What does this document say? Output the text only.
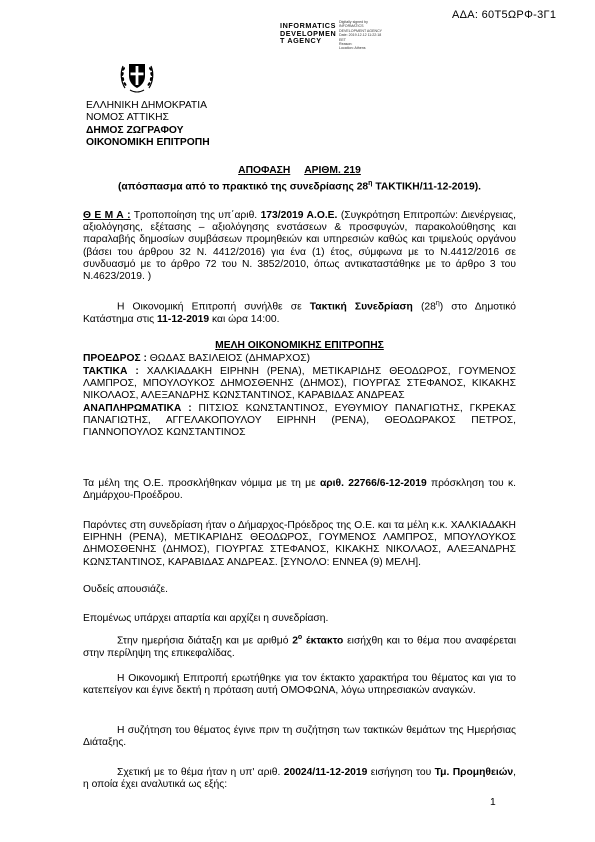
ΑΔΑ: 60Τ5ΩΡΦ-3Γ1
INFORMATICS
DEVELOPMEN
T AGENCY
Digitally signed by
INFORMATICS
DEVELOPMENT AGENCY
Date: 2019.12.12 11:22:18
EET
Reason:
Location: Athens
ΕΛΛΗΝΙΚΗ ΔΗΜΟΚΡΑΤΙΑ
ΝΟΜΟΣ ΑΤΤΙΚΗΣ
ΔΗΜΟΣ ΖΩΓΡΑΦΟΥ
ΟΙΚΟΝΟΜΙΚΗ ΕΠΙΤΡΟΠΗ
ΑΠΟΦΑΣΗ ΑΡΙΘΜ. 219
(απόσπασμα από το πρακτικό της συνεδρίασης $28^\eta$ ΤΑΚΤΙΚΗ/11-12-2019).
Θ Ε Μ Α : Τροποποίηση της υπ΄αριθ. 173/2019 Α.Ο.Ε. (Συγκρότηση Επιτροπών: Διενέργειας, αξιολόγησης, εξέτασης – αξιολόγησης ενστάσεων & προσφυγών, παρακολούθησης και παραλαβής δημοσίων συμβάσεων προμηθειών και υπηρεσιών καθώς και τριμελούς οργάνου (βάσει του άρθρου 32 Ν. 4412/2016) για ένα (1) έτος, σύμφωνα με το Ν.4412/2016 σε συνδυασμό με το άρθρο 72 του Ν. 3852/2010, όπως αντικαταστάθηκε με το άρθρο 3 του Ν.4623/2019. )
Η Οικονομική Επιτροπή συνήλθε σε Τακτική Συνεδρίαση $(28^\eta)$ στο Δημοτικό Κατάστημα στις 11-12-2019 και ώρα 14:00.
ΜΕΛΗ ΟΙΚΟΝΟΜΙΚΗΣ ΕΠΙΤΡΟΠΗΣ
ΠΡΟΕΔΡΟΣ : ΘΩΔΑΣ ΒΑΣΙΛΕΙΟΣ (ΔΗΜΑΡΧΟΣ)
ΤΑΚΤΙΚΑ : ΧΑΛΚΙΑΔΑΚΗ ΕΙΡΗΝΗ (ΡΕΝΑ), ΜΕΤΙΚΑΡΙΔΗΣ ΘΕΟΔΩΡΟΣ, ΓΟΥΜΕΝΟΣ ΛΑΜΠΡΟΣ, ΜΠΟΥΛΟΥΚΟΣ ΔΗΜΟΣΘΕΝΗΣ (ΔΗΜΟΣ), ΓΙΟΥΡΓΑΣ ΣΤΕΦΑΝΟΣ, ΚΙΚΑΚΗΣ ΝΙΚΟΛΑΟΣ, ΑΛΕΞΑΝΔΡΗΣ ΚΩΝΣΤΑΝΤΙΝΟΣ, ΚΑΡΑΒΙΔΑΣ ΑΝΔΡΕΑΣ
ΑΝΑΠΛΗΡΩΜΑΤΙΚΑ : ΠΙΤΣΙΟΣ ΚΩΝΣΤΑΝΤΙΝΟΣ, ΕΥΘΥΜΙΟΥ ΠΑΝΑΓΙΩΤΗΣ, ΓΚΡΕΚΑΣ ΠΑΝΑΓΙΩΤΗΣ, ΑΓΓΕΛΑΚΟΠΟΥΛΟΥ ΕΙΡΗΝΗ (ΡΕΝΑ), ΘΕΟΔΩΡΑΚΟΣ ΠΕΤΡΟΣ, ΓΙΑΝΝΟΠΟΥΛΟΣ ΚΩΝΣΤΑΝΤΙΝΟΣ
Τα μέλη της Ο.Ε. προσκλήθηκαν νόμιμα με τη με αριθ. 22766/6-12-2019 πρόσκληση του κ. Δημάρχου-Προέδρου.
Παρόντες στη συνεδρίαση ήταν ο Δήμαρχος-Πρόεδρος της Ο.Ε. και τα μέλη κ.κ. ΧΑΛΚΙΑΔΑΚΗ ΕΙΡΗΝΗ (ΡΕΝΑ), ΜΕΤΙΚΑΡΙΔΗΣ ΘΕΟΔΩΡΟΣ, ΓΟΥΜΕΝΟΣ ΛΑΜΠΡΟΣ, ΜΠΟΥΛΟΥΚΟΣ ΔΗΜΟΣΘΕΝΗΣ (ΔΗΜΟΣ), ΓΙΟΥΡΓΑΣ ΣΤΕΦΑΝΟΣ, ΚΙΚΑΚΗΣ ΝΙΚΟΛΑΟΣ, ΑΛΕΞΑΝΔΡΗΣ ΚΩΝΣΤΑΝΤΙΝΟΣ, ΚΑΡΑΒΙΔΑΣ ΑΝΔΡΕΑΣ. [ΣΥΝΟΛΟ: ΕΝΝΕΑ (9) ΜΕΛΗ].
Ουδείς απουσιάζε.
Επομένως υπάρχει απαρτία και αρχίζει η συνεδρίαση.
Στην ημερήσια διάταξη και με αριθμό $2^o$ έκτακτο εισήχθη και το θέμα που αναφέρεται στην περίληψη της επικεφαλίδας.
Η Οικονομική Επιτροπή ερωτήθηκε για τον έκτακτο χαρακτήρα του θέματος και για το κατεπείγον και έγινε δεκτή η πρόταση αυτή ΟΜΟΦΩΝΑ, λόγω υπηρεσιακών αναγκών.
Η συζήτηση του θέματος έγινε πριν τη συζήτηση των τακτικών θεμάτων της Ημερήσιας Διάταξης.
Σχετική με το θέμα ήταν η υπ' αριθ. 20024/11-12-2019 εισήγηση του Τμ. Προμηθειών, η οποία έχει αναλυτικά ως εξής:
1
